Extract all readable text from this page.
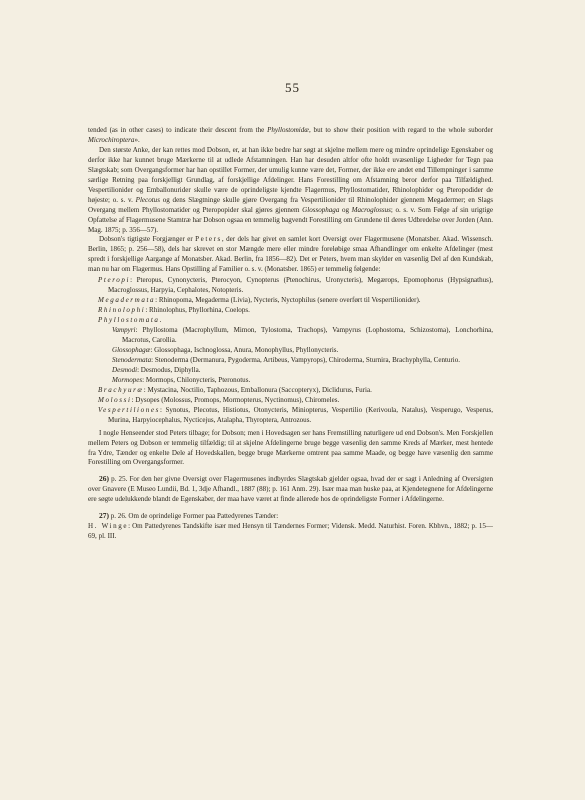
55

tended (as in other cases) to indicate their descent from the Phyllostomidæ, but to show their position with regard to the whole suborder Microchiroptera».

Den største Anke, der kan rettes mod Dobson, er, at han ikke bedre har søgt at skjelne mellem mere og mindre oprindelige Egenskaber og derfor ikke har kunnet bruge Mærkerne til at udlede Afstamningen. Han har desuden altfor ofte holdt uvæsenlige Ligheder for Tegn paa Slægtskab; som Overgangsformer har han opstillet Former, der umulig kunne være det, Former, der ikke ere andet end Tillempninger i samme særlige Retning paa forskjelligt Grundlag, af forskjellige Afdelinger. Hans Forestilling om Afstamning beror derfor paa Tilfældighed. Vespertilionider og Emballonurider skulle være de oprindeligste kjendte Flagermus, Phyllostomatider, Rhinolophider og Pteropodider de højeste; o. s. v. Plecotus og dens Slægtninge skulle gjøre Overgang fra Vespertilionider til Rhinolophider gjennem Megadermer; en Slags Overgang mellem Phyllostomatider og Pteropopider skal gjøres gjennem Glossophaga og Macroglossus; o. s. v. Som Følge af sin urigtige Opfattelse af Flagermusene Stamtræ har Dobson ogsaa en temmelig bagvendt Forestilling om Grundene til deres Udbredelse over Jorden (Ann. Mag. 1875; p. 356—57).

Dobson's tigtigste Forgjænger er Peters, der dels har givet en samlet kort Oversigt over Flagermusene (Monatsber. Akad. Wissensch. Berlin, 1865; p. 256—58), dels har skrevet en stor Mængde mere eller mindre foreløbige smaa Afhandlinger om enkelte Afdelinger (mest spredt i forskjellige Aargange af Monatsber. Akad. Berlin, fra 1856—82). Det er Peters, hvem man skylder en væsenlig Del af den Kundskab, man nu har om Flagermus. Hans Opstilling af Familier o. s. v. (Monatsber. 1865) er temmelig følgende:

Pteropi: Pteropus, Cynonycteris, Pterocyon, Cynopterus (Ptenochirus, Uronycteris), Megærops, Epomophorus (Hypsignathus), Macroglossus, Harpyia, Cephalotes, Notopteris.

Megadermata: Rhinopoma, Megaderma (Livia), Nycteris, Nyctophilus (senere overført til Vespertilionider).

Rhinolophi: Rhinolophus, Phyllorhina, Coelops.

Phyllostomata.

Vampyri: Phyllostoma (Macrophyllum, Mimon, Tylostoma, Trachops), Vampyrus (Lophostoma, Schizostoma), Lonchorhina, Macrotus, Carollia.

Glossophagæ: Glossophaga, Ischnoglossa, Anura, Monophyllus, Phyllonycteris.

Stenodermata: Stenoderma (Dermanura, Pygoderma, Artibeus, Vampyrops), Chiroderma, Sturnira, Brachyphylla, Centurio.

Desmodi: Desmodus, Diphylla.

Mormopes: Mormops, Chilonycteris, Pteronotus.

Brachyuræ: Mystacina, Noctilio, Taphozous, Emballonura (Saccopteryx), Diclidurus, Furia.

Molossi: Dysopes (Molossus, Promops, Mormopterus, Nyctinomus), Chiromeles.

Vespertiliones: Synotus, Plecotus, Histiotus, Otonycteris, Miniopterus, Vespertilio (Kerivoula, Natalus), Vesperugo, Vesperus, Murina, Harpyiocephalus, Nycticejus, Atalapha, Thyroptera, Antrozous.

I nogle Henseender stod Peters tilbage; for Dobson; men i Hovedsagen ser hans Fremstilling naturligere ud end Dobson's. Men Forskjellen mellem Peters og Dobson er temmelig tilfældig; til at skjelne Afdelingerne bruge begge væsenlig den samme Kreds af Mærker, mest hentede fra Ydre, Tænder og enkelte Dele af Hovedskallen, begge bruge Mærkerne omtrent paa samme Maade, og begge have væsenlig den samme Forestilling om Overgangsformer.

26) p. 25. For den her givne Oversigt over Flagermusenes indbyrdes Slægtskab gjelder ogsaa, hvad der er sagt i Anledning af Oversigten over Gnavere (E Museo Lundii, Bd. 1, 3dje Afhandl., 1887 (88); p. 161 Anm. 29). Især maa man huske paa, at Kjendetegnene for Afdelingerne ere søgte udelukkende blandt de Egenskaber, der maa have været at finde allerede hos de oprindeligste Former i Afdelingerne.

27) p. 26. Om de oprindelige Former paa Pattedyrenes Tænder:

H. Winge: Om Pattedyrenes Tandskifte især med Hensyn til Tændernes Former; Vidensk. Medd. Naturhist. Foren. Kbhvn., 1882; p. 15—69, pl. III.
